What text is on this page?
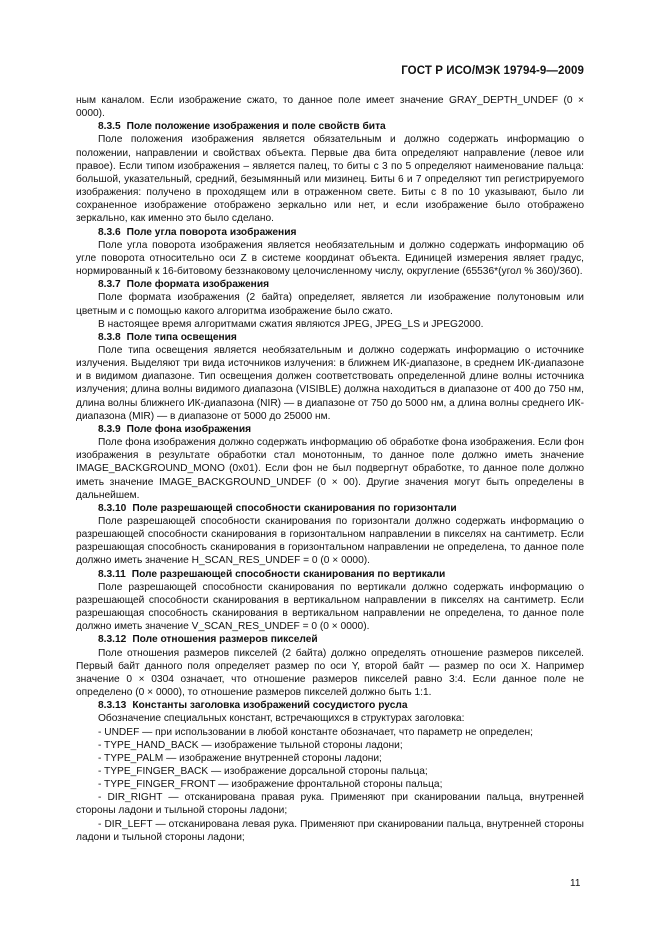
ГОСТ Р ИСО/МЭК 19794-9—2009

ным каналом. Если изображение сжато, то данное поле имеет значение GRAY_DEPTH_UNDEF (0 × 0000).

8.3.5 Поле положение изображения и поле свойств бита

Поле положения изображения является обязательным и должно содержать информацию о положении, направлении и свойствах объекта. Первые два бита определяют направление (левое или правое). Если типом изображения – является палец, то биты с 3 по 5 определяют наименование пальца: большой, указательный, средний, безымянный или мизинец. Биты 6 и 7 определяют тип регистрируемого изображения: получено в проходящем или в отраженном свете. Биты с 8 по 10 указывают, было ли сохраненное изображение отображено зеркально или нет, и если изображение было отображено зеркально, как именно это было сделано.

8.3.6 Поле угла поворота изображения

Поле угла поворота изображения является необязательным и должно содержать информацию об угле поворота относительно оси Z в системе координат объекта. Единицей измерения являет градус, нормированный к 16-битовому беззнаковому целочисленному числу, округление (65536*(угол % 360)/360).

8.3.7 Поле формата изображения

Поле формата изображения (2 байта) определяет, является ли изображение полутоновым или цветным и с помощью какого алгоритма изображение было сжато.

В настоящее время алгоритмами сжатия являются JPEG, JPEG_LS и JPEG2000.

8.3.8 Поле типа освещения

Поле типа освещения является необязательным и должно содержать информацию о источнике излучения. Выделяют три вида источников излучения: в ближнем ИК-диапазоне, в среднем ИК-диапазоне и в видимом диапазоне. Тип освещения должен соответствовать определенной длине волны источника излучения; длина волны видимого диапазона (VISIBLE) должна находиться в диапазоне от 400 до 750 нм, длина волны ближнего ИК-диапазона (NIR) — в диапазоне от 750 до 5000 нм, а длина волны среднего ИК-диапазона (MIR) — в диапазоне от 5000 до 25000 нм.

8.3.9 Поле фона изображения

Поле фона изображения должно содержать информацию об обработке фона изображения. Если фон изображения в результате обработки стал монотонным, то данное поле должно иметь значение IMAGE_BACKGROUND_MONO (0x01). Если фон не был подвергнут обработке, то данное поле должно иметь значение IMAGE_BACKGROUND_UNDEF (0 × 00). Другие значения могут быть определены в дальнейшем.

8.3.10 Поле разрешающей способности сканирования по горизонтали

Поле разрешающей способности сканирования по горизонтали должно содержать информацию о разрешающей способности сканирования в горизонтальном направлении в пикселях на сантиметр. Если разрешающая способность сканирования в горизонтальном направлении не определена, то данное поле должно иметь значение H_SCAN_RES_UNDEF = 0 (0 × 0000).

8.3.11 Поле разрешающей способности сканирования по вертикали

Поле разрешающей способности сканирования по вертикали должно содержать информацию о разрешающей способности сканирования в вертикальном направлении в пикселях на сантиметр. Если разрешающая способность сканирования в вертикальном направлении не определена, то данное поле должно иметь значение V_SCAN_RES_UNDEF = 0 (0 × 0000).

8.3.12 Поле отношения размеров пикселей

Поле отношения размеров пикселей (2 байта) должно определять отношение размеров пикселей. Первый байт данного поля определяет размер по оси Y, второй байт — размер по оси X. Например значение 0 × 0304 означает, что отношение размеров пикселей равно 3:4. Если данное поле не определено (0 × 0000), то отношение размеров пикселей должно быть 1:1.

8.3.13 Константы заголовка изображений сосудистого русла

Обозначение специальных констант, встречающихся в структурах заголовка:

- UNDEF — при использовании в любой константе обозначает, что параметр не определен;

- TYPE_HAND_BACK — изображение тыльной стороны ладони;

- TYPE_PALM — изображение внутренней стороны ладони;

- TYPE_FINGER_BACK — изображение дорсальной стороны пальца;

- TYPE_FINGER_FRONT — изображение фронтальной стороны пальца;

- DIR_RIGHT — отсканирована правая рука. Применяют при сканировании пальца, внутренней стороны ладони и тыльной стороны ладони;

- DIR_LEFT — отсканирована левая рука. Применяют при сканировании пальца, внутренней стороны ладони и тыльной стороны ладони;

11
